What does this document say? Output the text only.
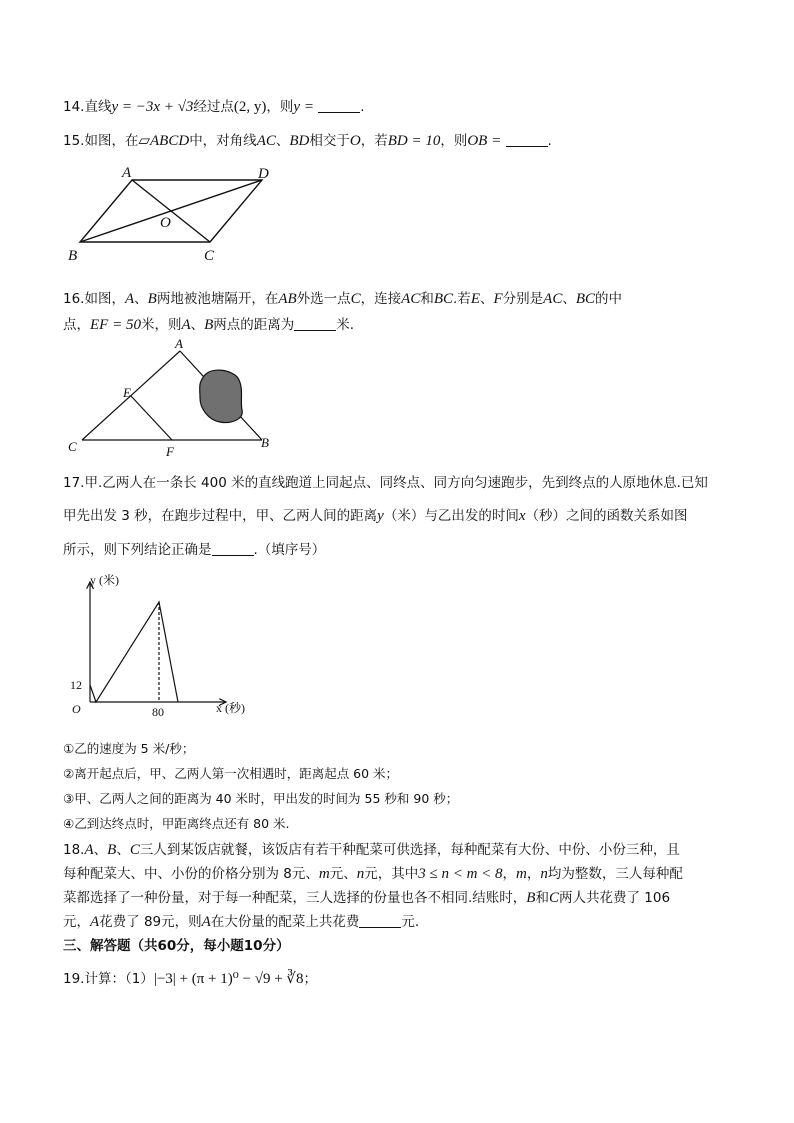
14.直线y = −3x + √3经过点(2, y)，则y =	.
15.如图，在▱ABCD中，对角线AC、BD相交于O，若BD = 10，则OB =	.
A	D
O
B	C
16.如图，A、B两地被池塘隔开，在AB外选一点C，连接AC和BC.若E、F分别是AC、BC的中
点，EF = 50米，则A、B两点的距离为	米.
A
E
C	F
B
17.甲.乙两人在一条长 400 米的直线跑道上同起点、同终点、同方向匀速跑步，先到终点的人原地休息.已知
甲先出发 3 秒，在跑步过程中，甲、乙两人间的距离y（米）与乙出发的时间x（秒）之间的函数关系如图
所示，则下列结论正确是	.（填序号）
y (米)
x (秒)
O
12
80
①乙的速度为 5 米/秒；
②离开起点后，甲、乙两人第一次相遇时，距离起点 60 米；
③甲、乙两人之间的距离为 40 米时，甲出发的时间为 55 秒和 90 秒；
④乙到达终点时，甲距离终点还有 80 米.
18.A、B、C三人到某饭店就餐，该饭店有若干种配菜可供选择，每种配菜有大份、中份、小份三种，且
每种配菜大、中、小份的价格分别为 8元、m元、n元，其中3 ≤ n < m < 8，m，n均为整数，三人每种配
菜都选择了一种份量，对于每一种配菜，三人选择的份量也各不相同.结账时，B和C两人共花费了 106
元，A花费了 89元，则A在大份量的配菜上共花费	元.
三、解答题（共60分，每小题10分）
19.计算：（1）|−3| + (π + 1)⁰ − √9 + ∛8；
